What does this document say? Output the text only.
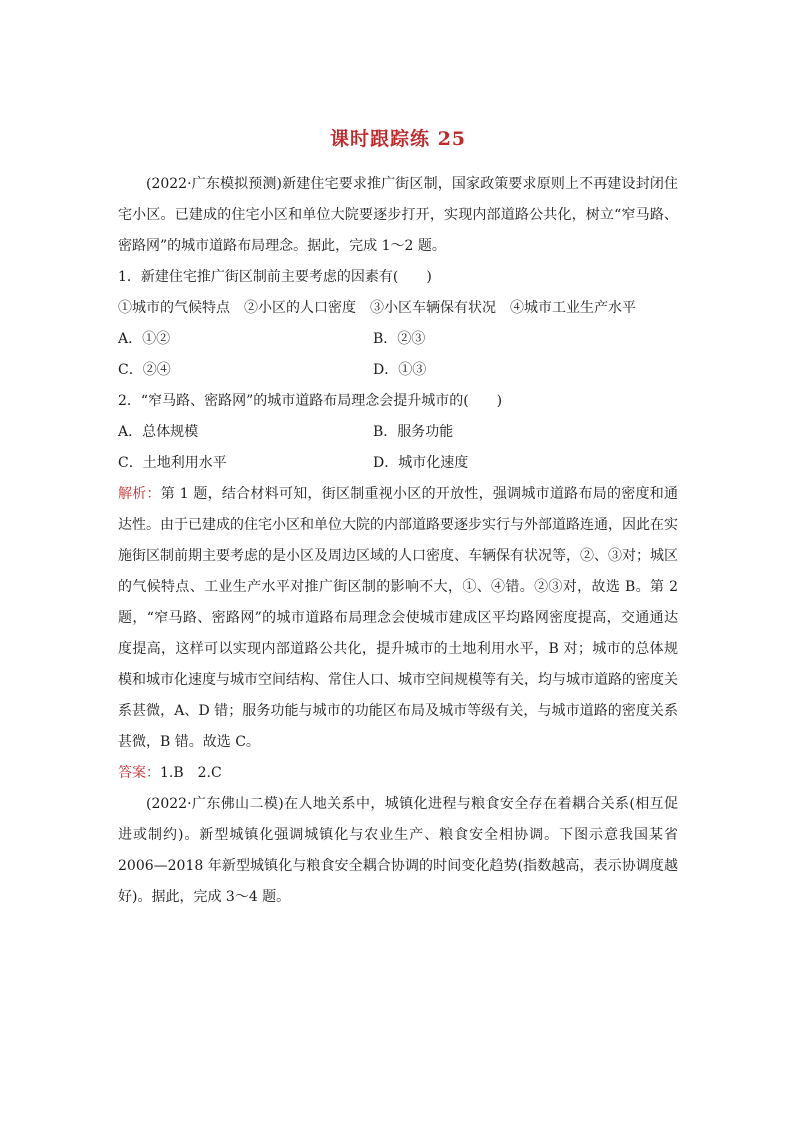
课时跟踪练 25

(2022·广东模拟预测)新建住宅要求推广街区制，国家政策要求原则上不再建设封闭住宅小区。已建成的住宅小区和单位大院要逐步打开，实现内部道路公共化，树立“窄马路、密路网”的城市道路布局理念。据此，完成 1～2 题。

1．新建住宅推广街区制前主要考虑的因素有(　　)

①城市的气候特点　②小区的人口密度　③小区车辆保有状况　④城市工业生产水平

A．①②	B．②③
C．②④	D．①③

2．“窄马路、密路网”的城市道路布局理念会提升城市的(　　)

A．总体规模	B．服务功能
C．土地利用水平	D．城市化速度

解析：第 1 题，结合材料可知，街区制重视小区的开放性，强调城市道路布局的密度和通达性。由于已建成的住宅小区和单位大院的内部道路要逐步实行与外部道路连通，因此在实施街区制前期主要考虑的是小区及周边区域的人口密度、车辆保有状况等，②、③对；城区的气候特点、工业生产水平对推广街区制的影响不大，①、④错。②③对，故选 B。第 2 题，“窄马路、密路网”的城市道路布局理念会使城市建成区平均路网密度提高，交通通达度提高，这样可以实现内部道路公共化，提升城市的土地利用水平，B 对；城市的总体规模和城市化速度与城市空间结构、常住人口、城市空间规模等有关，均与城市道路的密度关系甚微，A、D 错；服务功能与城市的功能区布局及城市等级有关，与城市道路的密度关系甚微，B 错。故选 C。

答案：1.B　2.C

(2022·广东佛山二模)在人地关系中，城镇化进程与粮食安全存在着耦合关系(相互促进或制约)。新型城镇化强调城镇化与农业生产、粮食安全相协调。下图示意我国某省 2006—2018 年新型城镇化与粮食安全耦合协调的时间变化趋势(指数越高，表示协调度越好)。据此，完成 3～4 题。
